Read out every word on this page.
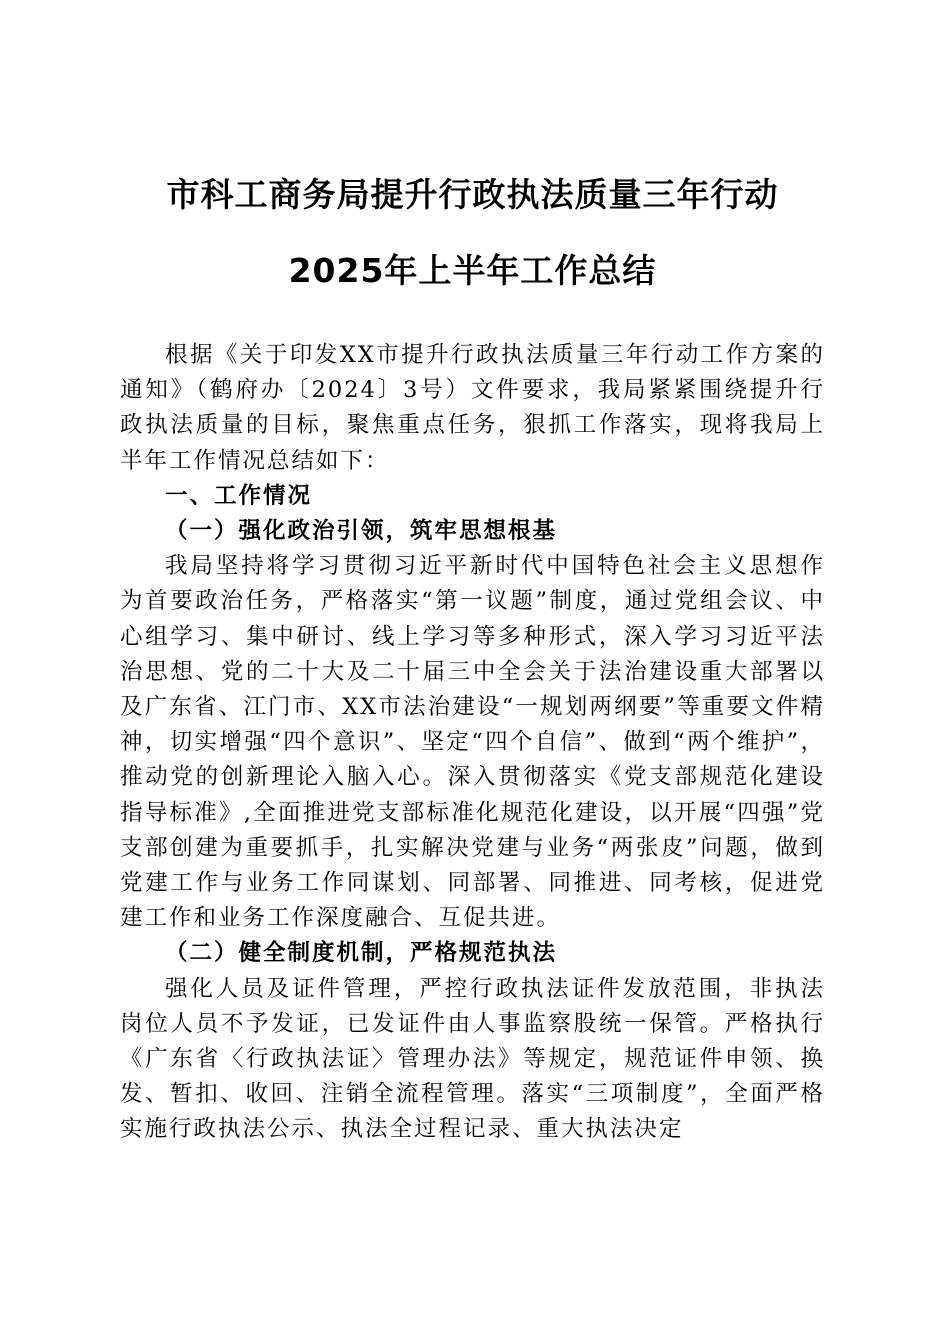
市科工商务局提升行政执法质量三年行动
2025年上半年工作总结

根据《关于印发XX市提升行政执法质量三年行动工作方案的通知》（鹤府办〔2024〕3号）文件要求，我局紧紧围绕提升行政执法质量的目标，聚焦重点任务，狠抓工作落实，现将我局上半年工作情况总结如下：

一、工作情况

（一）强化政治引领，筑牢思想根基

我局坚持将学习贯彻习近平新时代中国特色社会主义思想作为首要政治任务，严格落实“第一议题”制度，通过党组会议、中心组学习、集中研讨、线上学习等多种形式，深入学习习近平法治思想、党的二十大及二十届三中全会关于法治建设重大部署以及广东省、江门市、XX市法治建设“一规划两纲要”等重要文件精神，切实增强“四个意识”、坚定“四个自信”、做到“两个维护”，推动党的创新理论入脑入心。深入贯彻落实《党支部规范化建设指导标准》,全面推进党支部标准化规范化建设，以开展“四强”党支部创建为重要抓手，扎实解决党建与业务“两张皮”问题，做到党建工作与业务工作同谋划、同部署、同推进、同考核，促进党建工作和业务工作深度融合、互促共进。

（二）健全制度机制，严格规范执法

强化人员及证件管理，严控行政执法证件发放范围，非执法岗位人员不予发证，已发证件由人事监察股统一保管。严格执行《广东省〈行政执法证〉管理办法》等规定，规范证件申领、换发、暂扣、收回、注销全流程管理。落实“三项制度”，全面严格实施行政执法公示、执法全过程记录、重大执法决定
